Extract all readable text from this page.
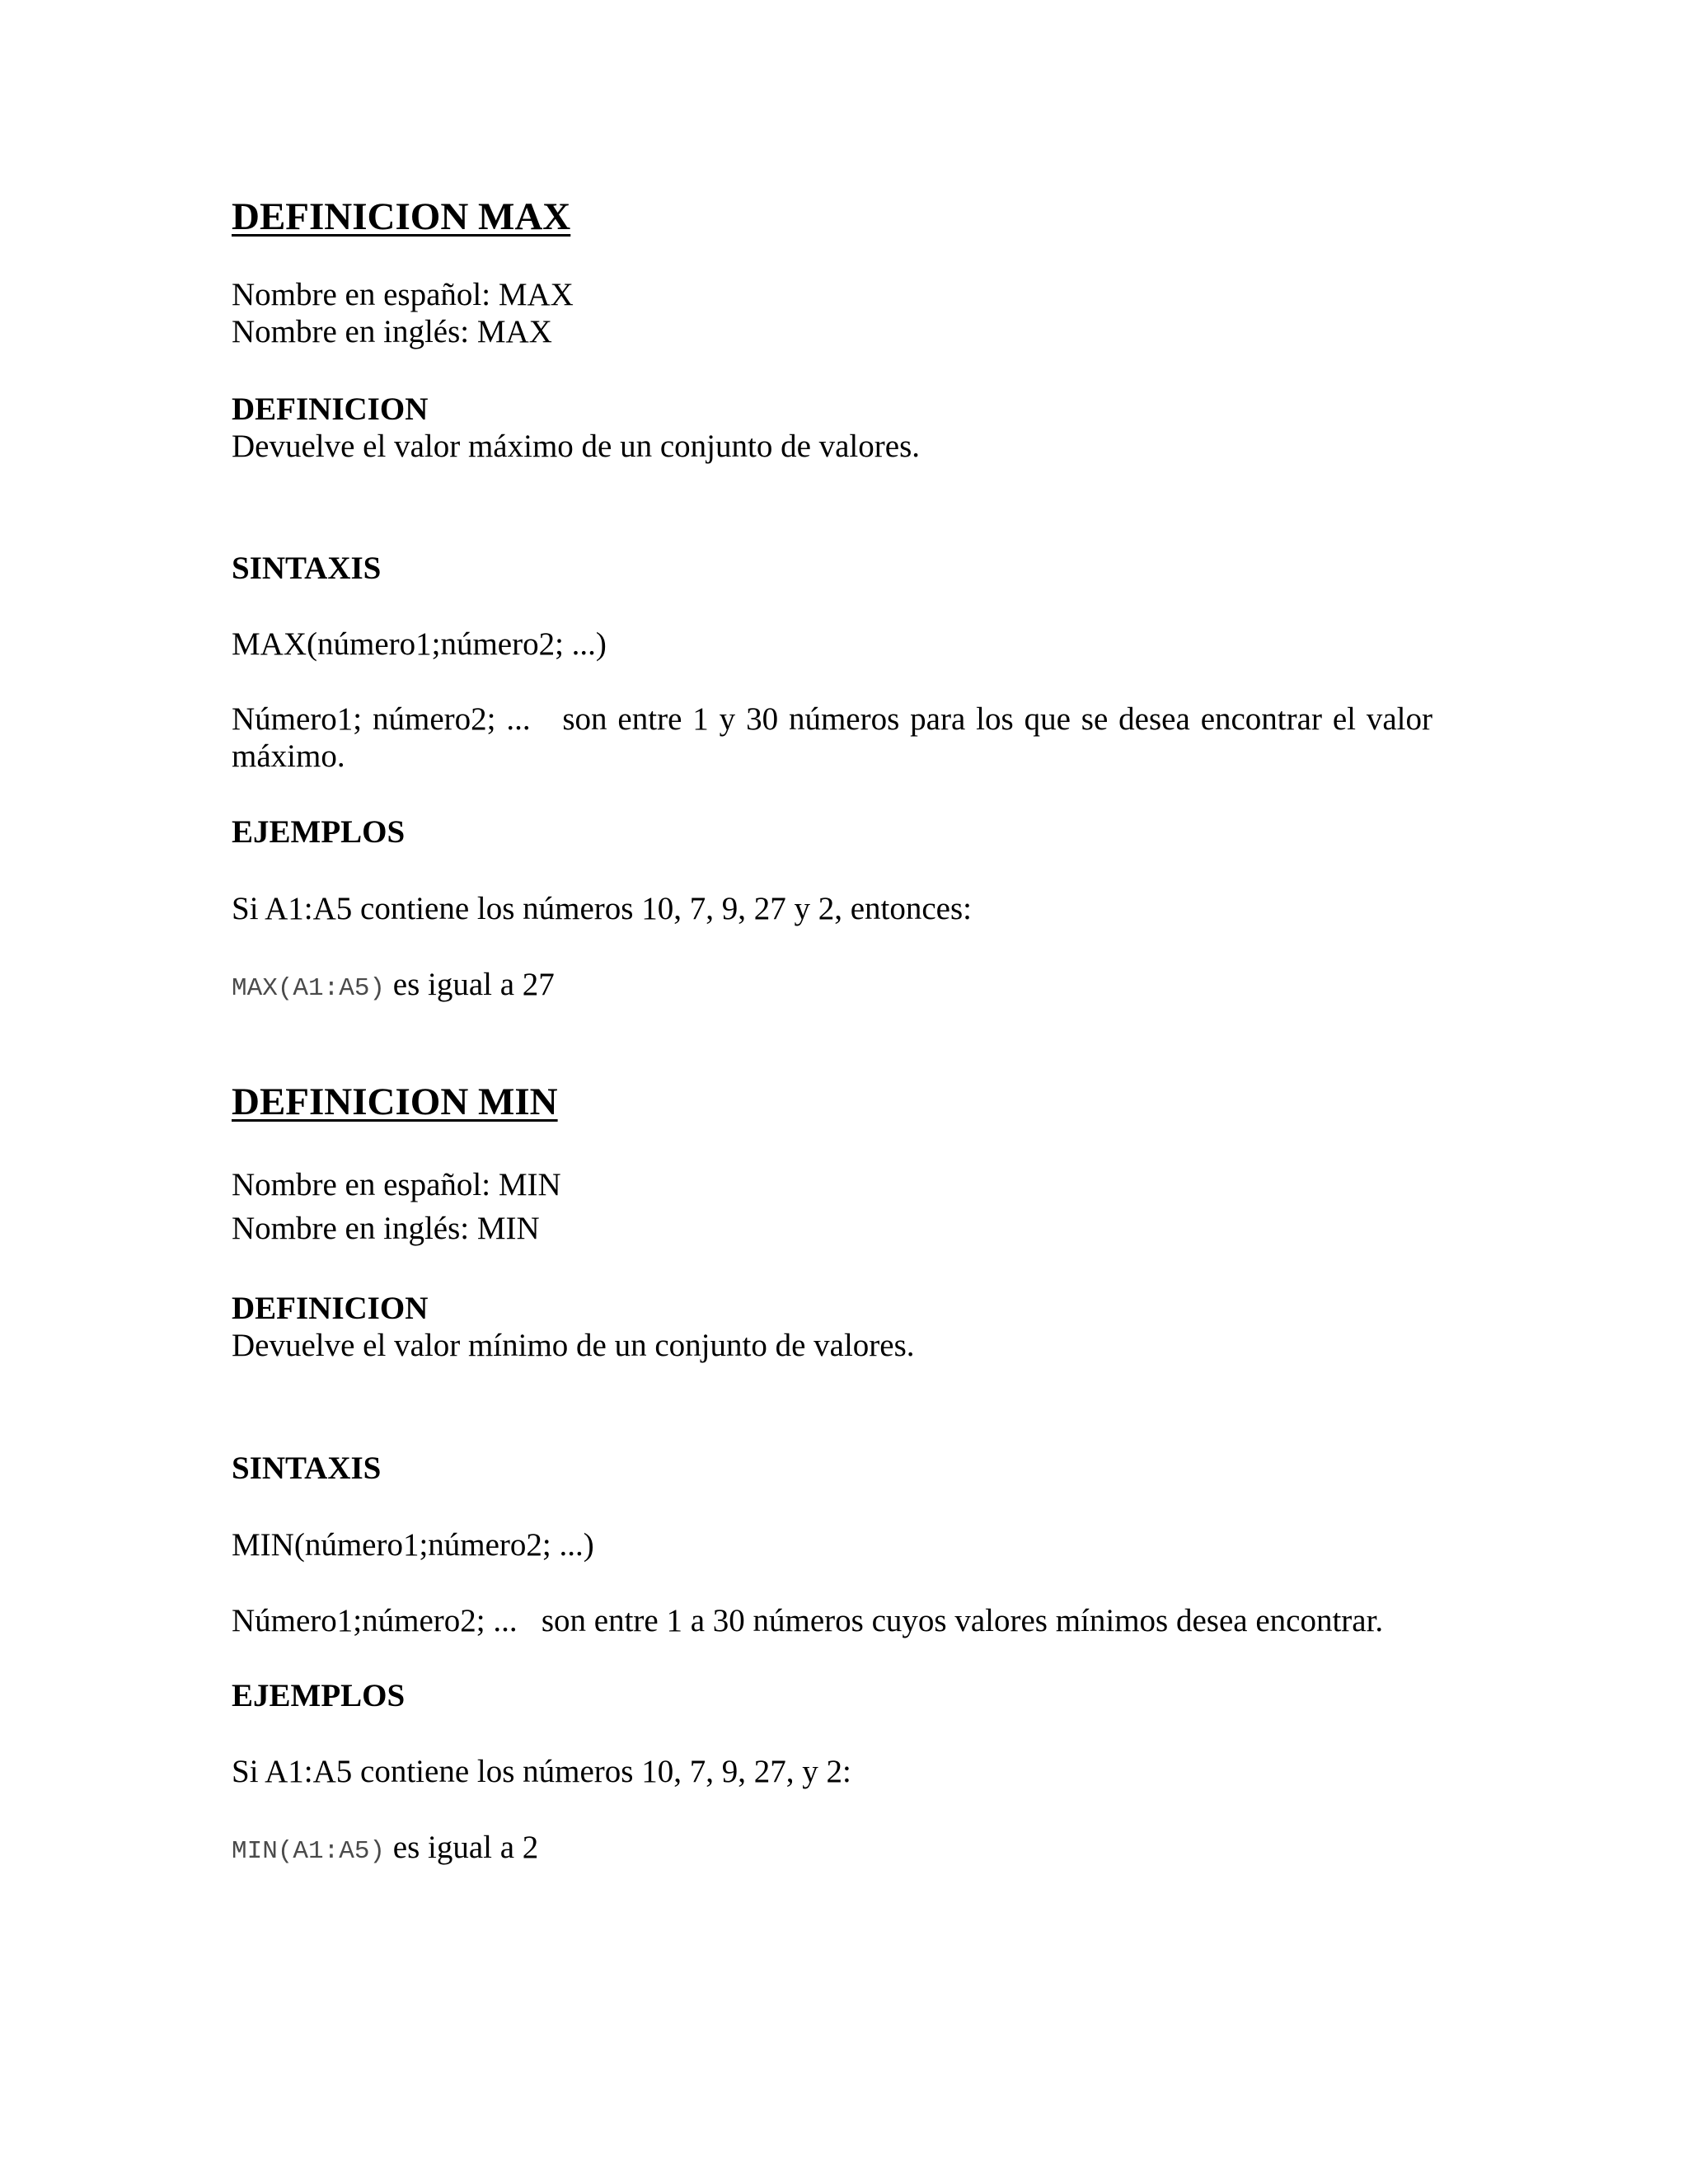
DEFINICION MAX
Nombre en español: MAX
Nombre en inglés: MAX
DEFINICION
Devuelve el valor máximo de un conjunto de valores.
SINTAXIS
MAX(número1;número2; ...)
Número1; número2; ... son entre 1 y 30 números para los que se desea encontrar el valor máximo.
EJEMPLOS
Si A1:A5 contiene los números 10, 7, 9, 27 y 2, entonces:
MAX(A1:A5) es igual a 27
DEFINICION MIN
Nombre en español: MIN
Nombre en inglés: MIN
DEFINICION
Devuelve el valor mínimo de un conjunto de valores.
SINTAXIS
MIN(número1;número2; ...)
Número1;número2; ... son entre 1 a 30 números cuyos valores mínimos desea encontrar.
EJEMPLOS
Si A1:A5 contiene los números 10, 7, 9, 27, y 2:
MIN(A1:A5) es igual a 2
